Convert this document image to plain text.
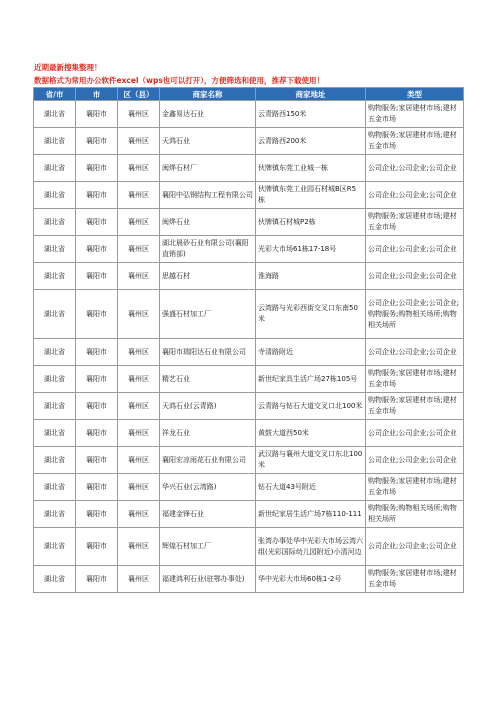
近期最新搜集整理！
数据格式为常用办公软件excel（wps也可以打开），方便筛选和使用，推荐下载使用！
省/市	市	区（县）	商家名称	商家地址	类型
湖北省	襄阳市	襄州区	金鑫易达石业	云青路西150米	购物服务;家居建材市场;建材五金市场
湖北省	襄阳市	襄州区	天鸿石业	云青路西200米	购物服务;家居建材市场;建材五金市场
湖北省	襄阳市	襄州区	闽烨石材厂	伙牌镇东莞工业城一栋	公司企业;公司企业;公司企业
湖北省	襄阳市	襄州区	襄阳中弘钢结构工程有限公司	伙牌镇东莞工业园石材城B区R5栋	公司企业;公司企业;公司企业
湖北省	襄阳市	襄州区	闽烨石业	伙牌镇石材城P2栋	购物服务;家居建材市场;建材五金市场
湖北省	襄阳市	襄州区	湖北晨砂石业有限公司(襄阳直销部)	光彩大市场61栋17-18号	公司企业;公司企业;公司企业
湖北省	襄阳市	襄州区	思越石材	淮海路	公司企业;公司企业;公司企业
湖北省	襄阳市	襄州区	强盛石材加工厂	云湾路与光彩西街交叉口东南50米	公司企业;公司企业;公司企业;购物服务;购物相关场所;购物相关场所
湖北省	襄阳市	襄州区	襄阳市瑞阳达石业有限公司	寺清路附近	公司企业;公司企业;公司企业
湖北省	襄阳市	襄州区	精艺石业	新世纪家具生活广场27栋105号	购物服务;家居建材市场;建材五金市场
湖北省	襄阳市	襄州区	天鸿石业(云青路)	云青路与钻石大道交叉口北100米	购物服务;家居建材市场;建材五金市场
湖北省	襄阳市	襄州区	祥龙石业	黄鼓大道西50米	公司企业;公司企业;公司企业
湖北省	襄阳市	襄州区	襄阳宏凉雨花石业有限公司	武汉路与襄州大道交叉口东北100米	公司企业;公司企业;公司企业
湖北省	襄阳市	襄州区	华兴石业(云湾路)	钻石大道43号附近	购物服务;家居建材市场;建材五金市场
湖北省	襄阳市	襄州区	福建金锋石业	新世纪家居生活广场7栋110-111	购物服务;购物相关场所;购物相关场所
湖北省	襄阳市	襄州区	辉煌石材加工厂	张湾办事处华中光彩大市场云湾六组(光彩国际幼儿园附近)小清河边	公司企业;公司企业;公司企业
湖北省	襄阳市	襄州区	福建鸿利石业(驻鄂办事处)	华中光彩大市场60栋1-2号	购物服务;家居建材市场;建材五金市场
